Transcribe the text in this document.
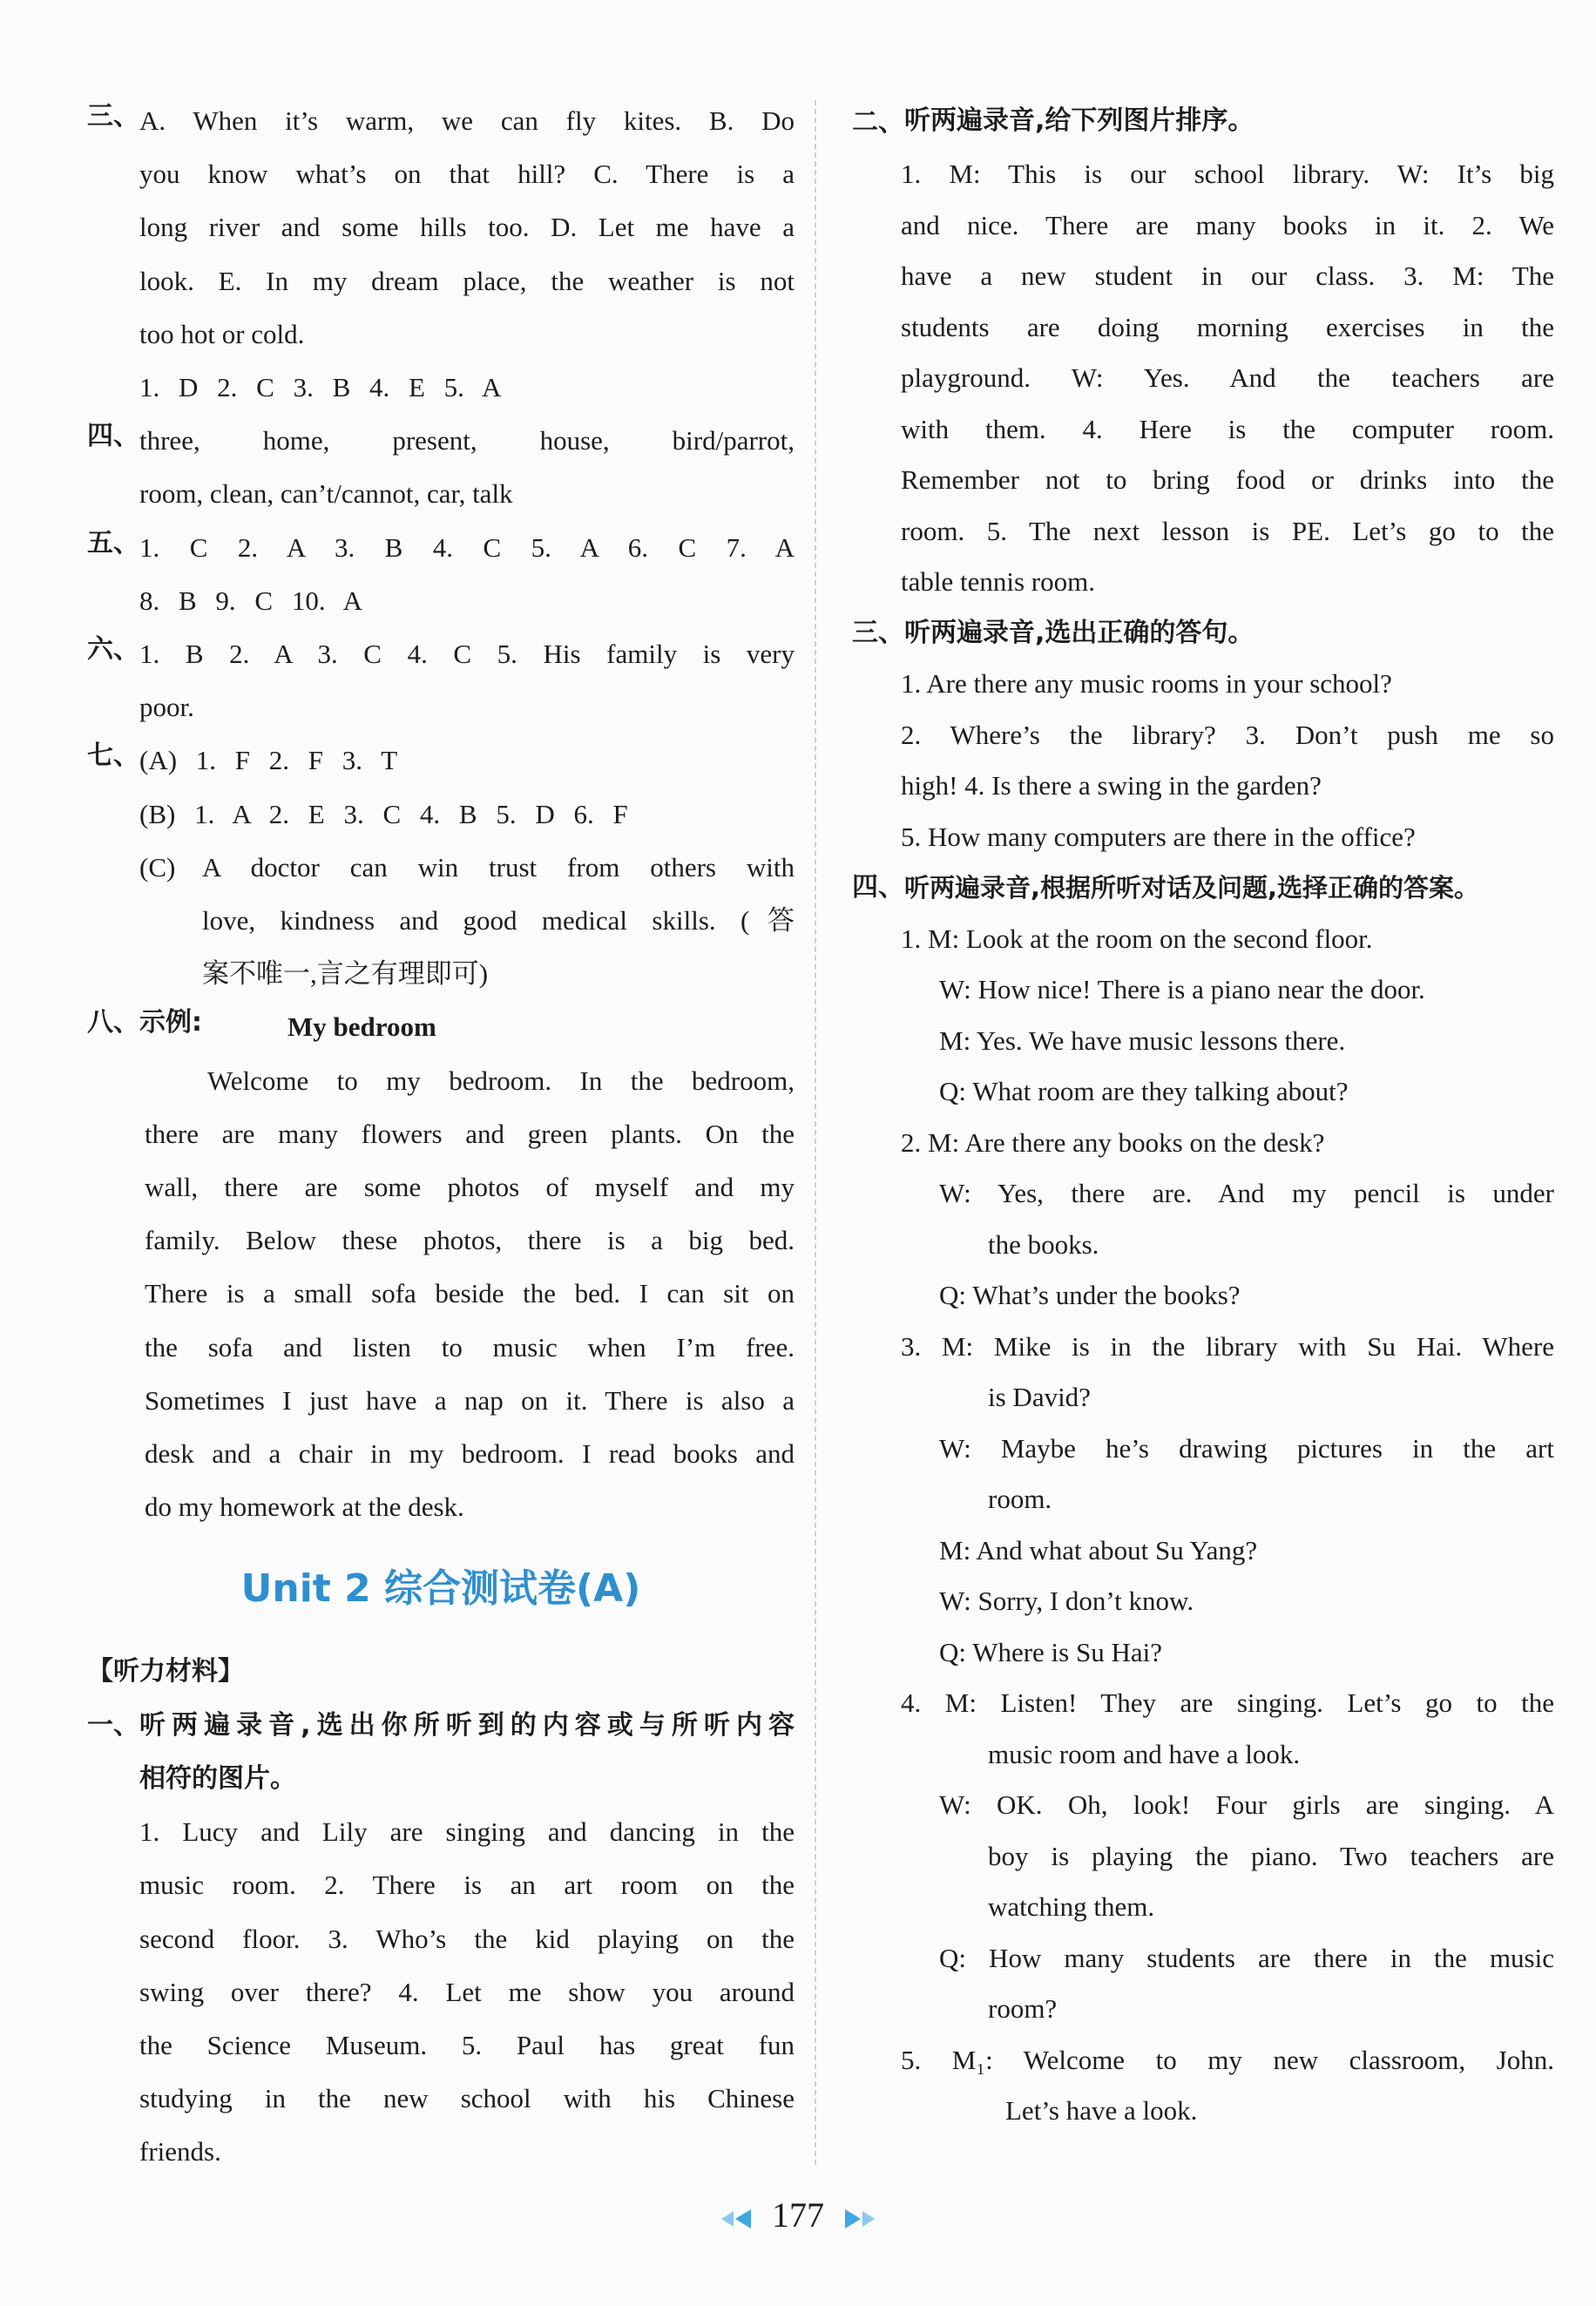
三、 A. When it’s warm, we can fly kites. B. Do
you know what’s on that hill? C. There is a
long river and some hills too. D. Let me have a
look. E. In my dream place, the weather is not
too hot or cold.
1. D 2. C 3. B 4. E 5. A
四、 three, home, present, house, bird/parrot,
room, clean, can’t/cannot, car, talk
五、 1. C 2. A 3. B 4. C 5. A 6. C 7. A
8. B 9. C 10. A
六、 1. B 2. A 3. C 4. C 5. His family is very
poor.
七、 (A) 1. F 2. F 3. T
(B) 1. A 2. E 3. C 4. B 5. D 6. F
(C) A doctor can win trust from others with
love, kindness and good medical skills. (答
案不唯一,言之有理即可)
八、示例:	My bedroom
Welcome to my bedroom. In the bedroom,
there are many flowers and green plants. On the
wall, there are some photos of myself and my
family. Below these photos, there is a big bed.
There is a small sofa beside the bed. I can sit on
the sofa and listen to music when I’m free.
Sometimes I just have a nap on it. There is also a
desk and a chair in my bedroom. I read books and
do my homework at the desk.
Unit 2 综合测试卷(A)
【听力材料】
一、 听两遍录音,选出你所听到的内容或与所听内容
相符的图片。
1. Lucy and Lily are singing and dancing in the
music room. 2. There is an art room on the
second floor. 3. Who’s the kid playing on the
swing over there? 4. Let me show you around
the Science Museum. 5. Paul has great fun
studying in the new school with his Chinese
friends.
二、 听两遍录音,给下列图片排序。
1. M: This is our school library. W: It’s big
and nice. There are many books in it. 2. We
have a new student in our class. 3. M: The
students are doing morning exercises in the
playground. W: Yes. And the teachers are
with them. 4. Here is the computer room.
Remember not to bring food or drinks into the
room. 5. The next lesson is PE. Let’s go to the
table tennis room.
三、 听两遍录音,选出正确的答句。
1. Are there any music rooms in your school?
2. Where’s the library? 3. Don’t push me so
high! 4. Is there a swing in the garden?
5. How many computers are there in the office?
四、 听两遍录音,根据所听对话及问题,选择正确的答案。
1. M: Look at the room on the second floor.
W: How nice! There is a piano near the door.
M: Yes. We have music lessons there.
Q: What room are they talking about?
2. M: Are there any books on the desk?
W: Yes, there are. And my pencil is under
the books.
Q: What’s under the books?
3. M: Mike is in the library with Su Hai. Where
is David?
W: Maybe he’s drawing pictures in the art
room.
M: And what about Su Yang?
W: Sorry, I don’t know.
Q: Where is Su Hai?
4. M: Listen! They are singing. Let’s go to the
music room and have a look.
W: OK. Oh, look! Four girls are singing. A
boy is playing the piano. Two teachers are
watching them.
Q: How many students are there in the music
room?
5. M₁: Welcome to my new classroom, John.
Let’s have a look.
177
